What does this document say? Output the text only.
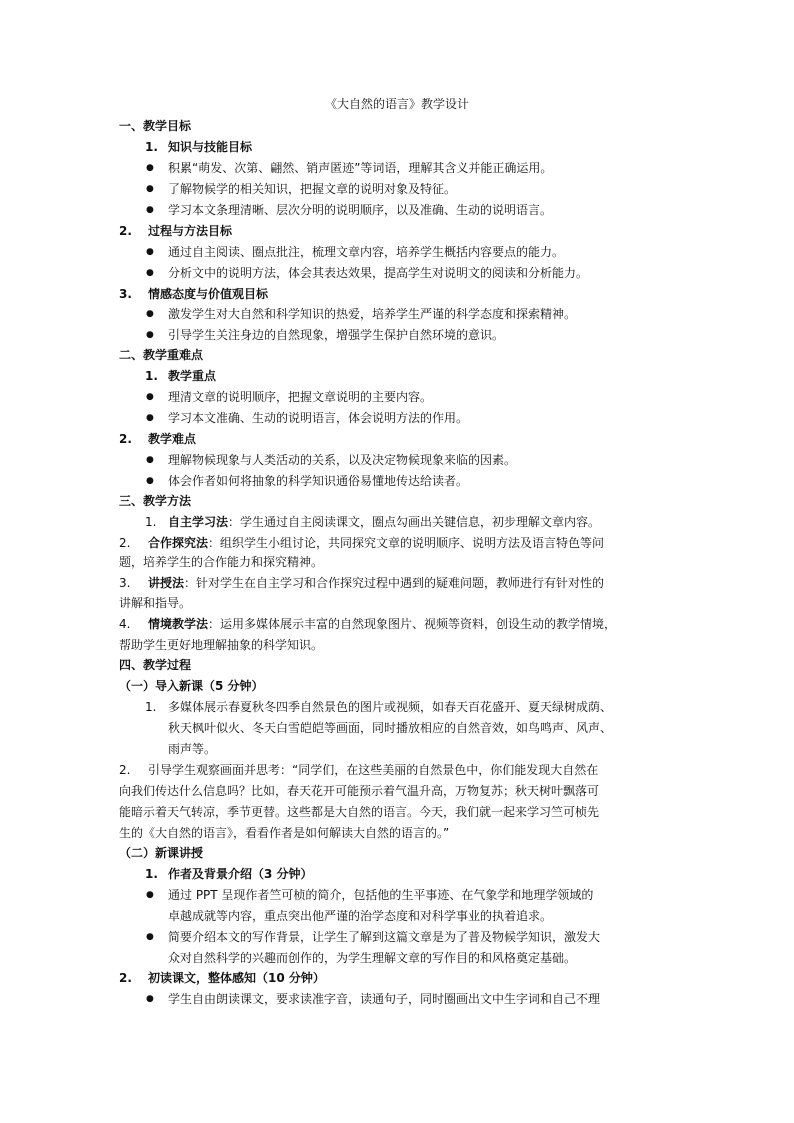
《大自然的语言》教学设计
一、教学目标
1. 知识与技能目标
● 积累“萌发、次第、翩然、销声匿迹”等词语，理解其含义并能正确运用。
● 了解物候学的相关知识，把握文章的说明对象及特征。
● 学习本文条理清晰、层次分明的说明顺序，以及准确、生动的说明语言。
2. 过程与方法目标
● 通过自主阅读、圈点批注，梳理文章内容，培养学生概括内容要点的能力。
● 分析文中的说明方法，体会其表达效果，提高学生对说明文的阅读和分析能力。
3. 情感态度与价值观目标
● 激发学生对大自然和科学知识的热爱，培养学生严谨的科学态度和探索精神。
● 引导学生关注身边的自然现象，增强学生保护自然环境的意识。
二、教学重难点
1. 教学重点
● 理清文章的说明顺序，把握文章说明的主要内容。
● 学习本文准确、生动的说明语言，体会说明方法的作用。
2. 教学难点
● 理解物候现象与人类活动的关系，以及决定物候现象来临的因素。
● 体会作者如何将抽象的科学知识通俗易懂地传达给读者。
三、教学方法
1. 自主学习法：学生通过自主阅读课文，圈点勾画出关键信息，初步理解文章内容。
2. 合作探究法：组织学生小组讨论，共同探究文章的说明顺序、说明方法及语言特色等问
题，培养学生的合作能力和探究精神。
3. 讲授法：针对学生在自主学习和合作探究过程中遇到的疑难问题，教师进行有针对性的
讲解和指导。
4. 情境教学法：运用多媒体展示丰富的自然现象图片、视频等资料，创设生动的教学情境，
帮助学生更好地理解抽象的科学知识。
四、教学过程
（一）导入新课（5 分钟）
1. 多媒体展示春夏秋冬四季自然景色的图片或视频，如春天百花盛开、夏天绿树成荫、
秋天枫叶似火、冬天白雪皑皑等画面，同时播放相应的自然音效，如鸟鸣声、风声、
雨声等。
2. 引导学生观察画面并思考：“同学们，在这些美丽的自然景色中，你们能发现大自然在
向我们传达什么信息吗？比如，春天花开可能预示着气温升高，万物复苏；秋天树叶飘落可
能暗示着天气转凉，季节更替。这些都是大自然的语言。今天，我们就一起来学习竺可桢先
生的《大自然的语言》，看看作者是如何解读大自然的语言的。”
（二）新课讲授
1. 作者及背景介绍（3 分钟）
● 通过 PPT 呈现作者竺可桢的简介，包括他的生平事迹、在气象学和地理学领域的
卓越成就等内容，重点突出他严谨的治学态度和对科学事业的执着追求。
● 简要介绍本文的写作背景，让学生了解到这篇文章是为了普及物候学知识，激发大
众对自然科学的兴趣而创作的，为学生理解文章的写作目的和风格奠定基础。
2. 初读课文，整体感知（10 分钟）
● 学生自由朗读课文，要求读准字音，读通句子，同时圈画出文中生字词和自己不理
